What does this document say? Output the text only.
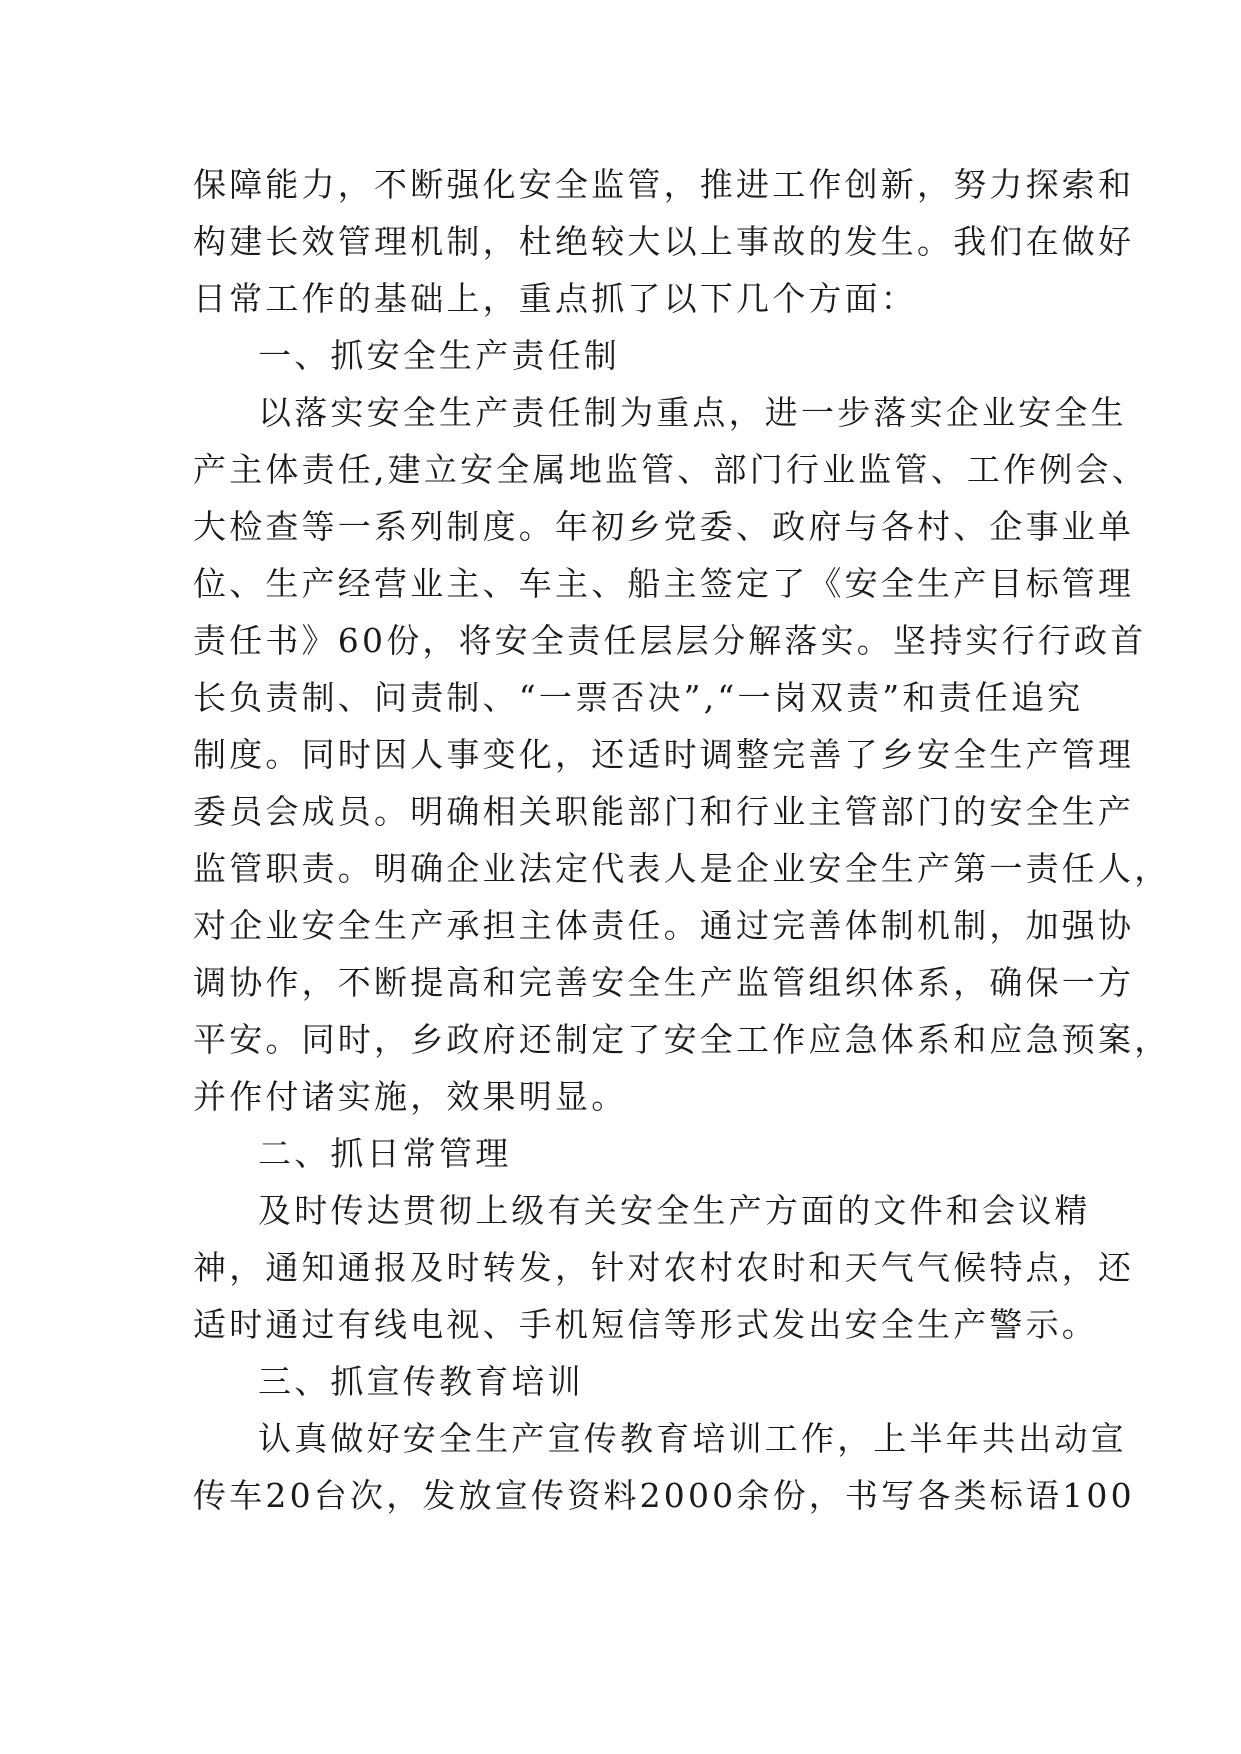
保障能力，不断强化安全监管，推进工作创新，努力探索和
构建长效管理机制，杜绝较大以上事故的发生。我们在做好
日常工作的基础上，重点抓了以下几个方面：
一、抓安全生产责任制
以落实安全生产责任制为重点，进一步落实企业安全生
产主体责任,建立安全属地监管、部门行业监管、工作例会、
大检查等一系列制度。年初乡党委、政府与各村、企事业单
位、生产经营业主、车主、船主签定了《安全生产目标管理
责任书》60份，将安全责任层层分解落实。坚持实行行政首
长负责制、问责制、“一票否决”,“一岗双责”和责任追究
制度。同时因人事变化，还适时调整完善了乡安全生产管理
委员会成员。明确相关职能部门和行业主管部门的安全生产
监管职责。明确企业法定代表人是企业安全生产第一责任人，
对企业安全生产承担主体责任。通过完善体制机制，加强协
调协作，不断提高和完善安全生产监管组织体系，确保一方
平安。同时，乡政府还制定了安全工作应急体系和应急预案，
并作付诸实施，效果明显。
二、抓日常管理
及时传达贯彻上级有关安全生产方面的文件和会议精
神，通知通报及时转发，针对农村农时和天气气候特点，还
适时通过有线电视、手机短信等形式发出安全生产警示。
三、抓宣传教育培训
认真做好安全生产宣传教育培训工作，上半年共出动宣
传车20台次，发放宣传资料2000余份，书写各类标语100
